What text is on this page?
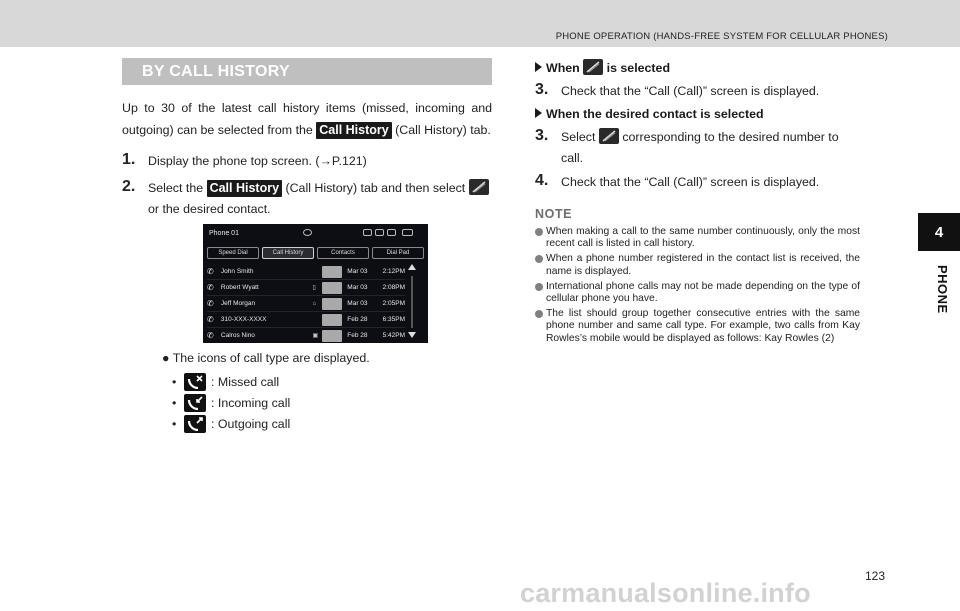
PHONE OPERATION (HANDS-FREE SYSTEM FOR CELLULAR PHONES)
4
PHONE
BY CALL HISTORY

Up to 30 of the latest call history items (missed, incoming and outgoing) can be selected from the Call History (Call History) tab.

1. Display the phone top screen. (→P.121)
2. Select the Call History (Call History) tab and then select
or the desired contact.
Phone 01
Speed Dial	Call History	Contacts	Dial Pad
✆	John Smith	Mar 03	2:12PM
✆	Robert Wyatt	▯	Mar 03	2:08PM
✆	Jeff Morgan	⌂	Mar 03	2:05PM
✆	310-XXX-XXXX	Feb 28	6:35PM
✆	Calros Nino	▣	Feb 28	5:42PM
● The icons of call type are displayed.
•	: Missed call
•	: Incoming call
•	: Outgoing call
When is selected
3. Check that the “Call (Call)” screen is displayed.
When the desired contact is selected
3. Select corresponding to the desired number to call.
4. Check that the “Call (Call)” screen is displayed.
NOTE
When making a call to the same number continuously, only the most recent call is listed in call history.
When a phone number registered in the contact list is received, the name is displayed.
International phone calls may not be made depending on the type of cellular phone you have.
The list should group together consecutive entries with the same phone number and same call type. For example, two calls from Kay Rowles’s mobile would be displayed as follows: Kay Rowles (2)
123
carmanualsonline.info
